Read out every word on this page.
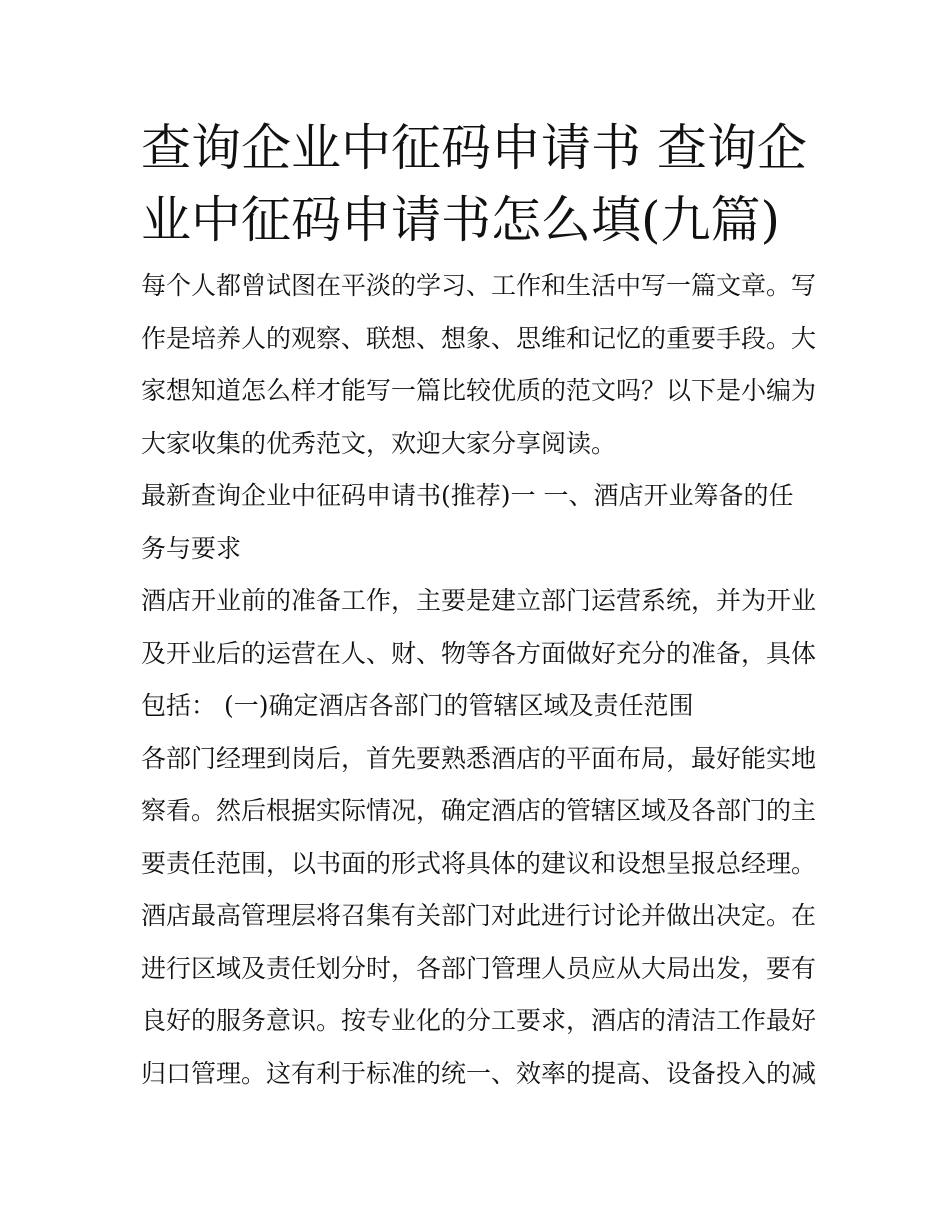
查询企业中征码申请书 查询企
业中征码申请书怎么填(九篇)

每个人都曾试图在平淡的学习、工作和生活中写一篇文章。写
作是培养人的观察、联想、想象、思维和记忆的重要手段。大
家想知道怎么样才能写一篇比较优质的范文吗？以下是小编为
大家收集的优秀范文，欢迎大家分享阅读。

最新查询企业中征码申请书(推荐)一 一、酒店开业筹备的任
务与要求

酒店开业前的准备工作，主要是建立部门运营系统，并为开业
及开业后的运营在人、财、物等各方面做好充分的准备，具体
包括： (一)确定酒店各部门的管辖区域及责任范围

各部门经理到岗后，首先要熟悉酒店的平面布局，最好能实地
察看。然后根据实际情况，确定酒店的管辖区域及各部门的主
要责任范围，以书面的形式将具体的建议和设想呈报总经理。
酒店最高管理层将召集有关部门对此进行讨论并做出决定。在
进行区域及责任划分时，各部门管理人员应从大局出发，要有
良好的服务意识。按专业化的分工要求，酒店的清洁工作最好
归口管理。这有利于标准的统一、效率的提高、设备投入的减
